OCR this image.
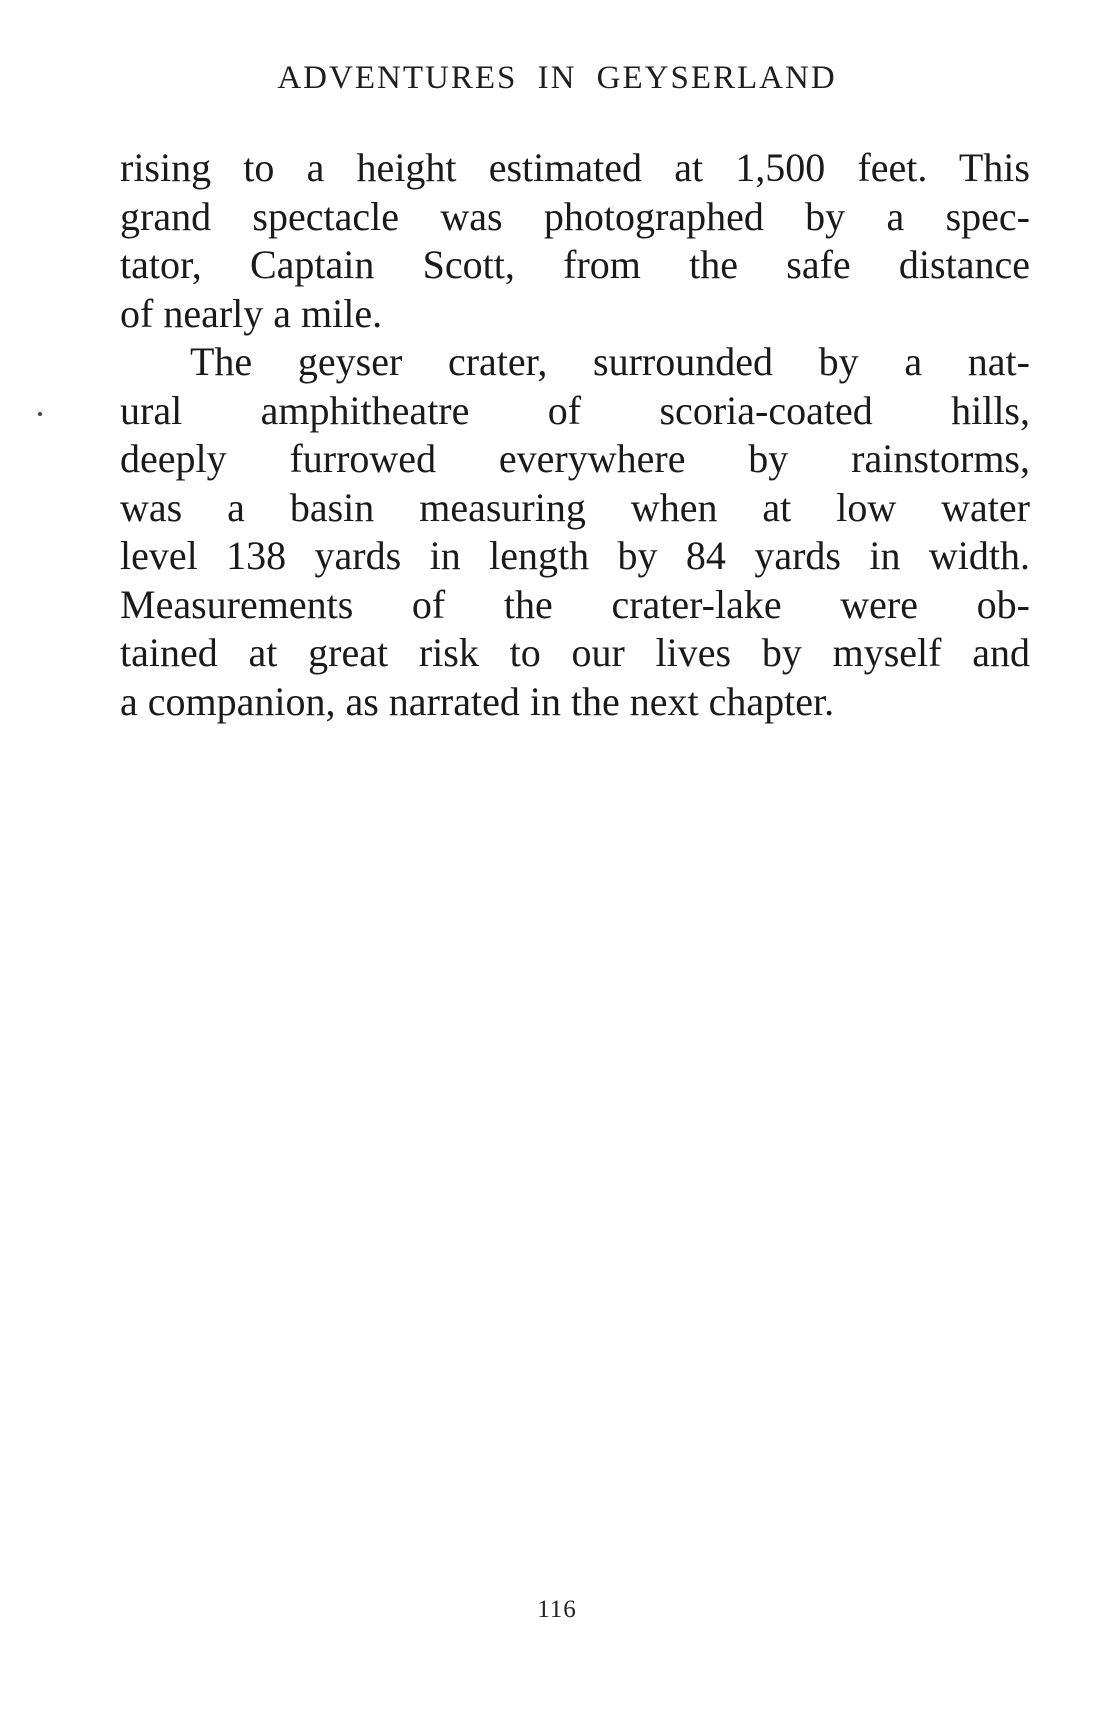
ADVENTURES IN GEYSERLAND
rising to a height estimated at 1,500 feet. This
grand spectacle was photographed by a spec-
tator, Captain Scott, from the safe distance
of nearly a mile.
The geyser crater, surrounded by a nat-
ural amphitheatre of scoria-coated hills,
deeply furrowed everywhere by rainstorms,
was a basin measuring when at low water
level 138 yards in length by 84 yards in width.
Measurements of the crater-lake were ob-
tained at great risk to our lives by myself and
a companion, as narrated in the next chapter.
116
